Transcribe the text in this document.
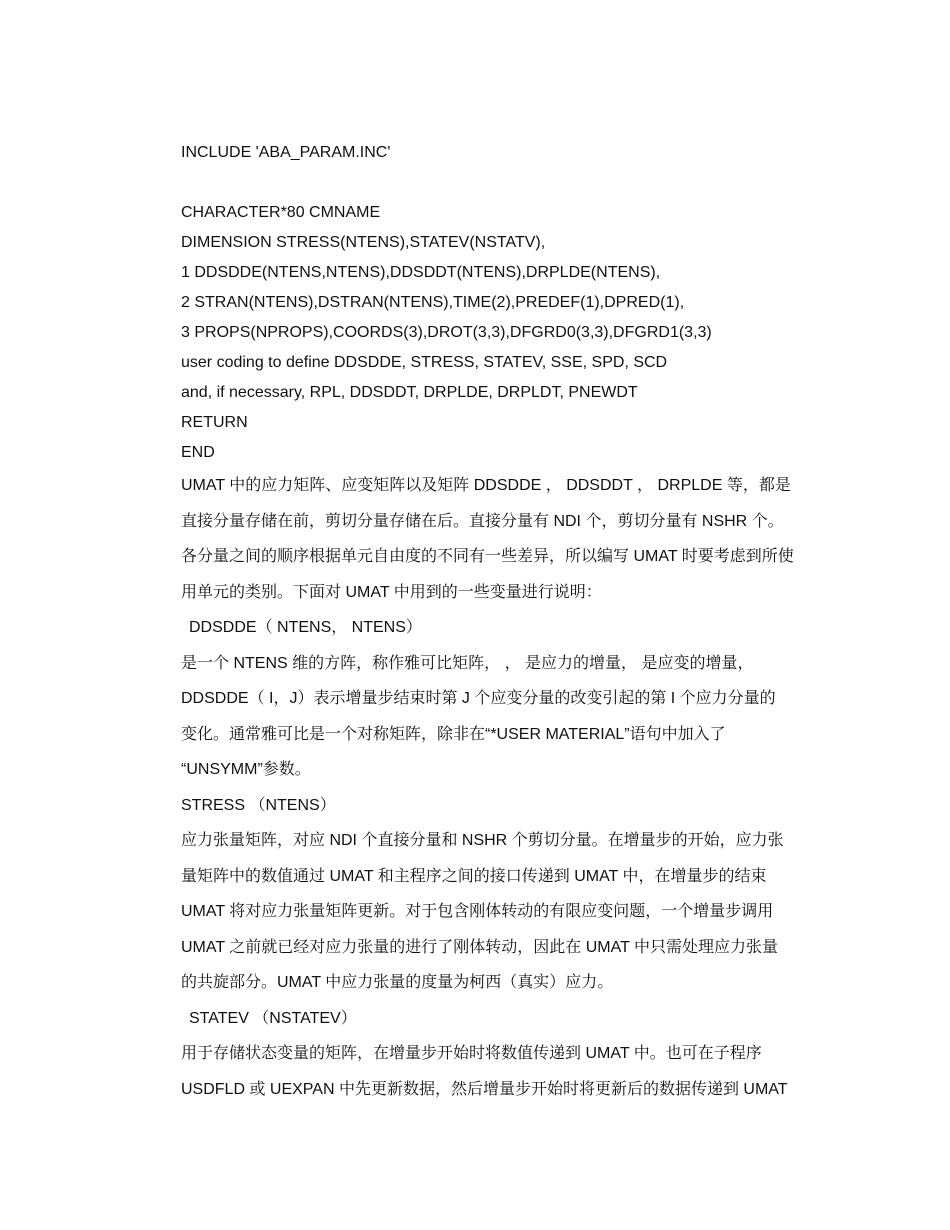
INCLUDE 'ABA_PARAM.INC'
CHARACTER*80 CMNAME
DIMENSION STRESS(NTENS),STATEV(NSTATV),
1 DDSDDE(NTENS,NTENS),DDSDDT(NTENS),DRPLDE(NTENS),
2 STRAN(NTENS),DSTRAN(NTENS),TIME(2),PREDEF(1),DPRED(1),
3 PROPS(NPROPS),COORDS(3),DROT(3,3),DFGRD0(3,3),DFGRD1(3,3)
user coding to define DDSDDE, STRESS, STATEV, SSE, SPD, SCD
and, if necessary, RPL, DDSDDT, DRPLDE, DRPLDT, PNEWDT
RETURN
END
UMAT 中的应力矩阵、应变矩阵以及矩阵 DDSDDE ， DDSDDT ， DRPLDE 等，都是
直接分量存储在前，剪切分量存储在后。直接分量有 NDI 个，剪切分量有 NSHR 个。
各分量之间的顺序根据单元自由度的不同有一些差异，所以编写 UMAT 时要考虑到所使
用单元的类别。下面对 UMAT 中用到的一些变量进行说明：
DDSDDE（ NTENS， NTENS）
是一个 NTENS 维的方阵，称作雅可比矩阵， ， 是应力的增量， 是应变的增量，
DDSDDE（ I，J）表示增量步结束时第 J 个应变分量的改变引起的第 I 个应力分量的
变化。通常雅可比是一个对称矩阵，除非在“*USER MATERIAL”语句中加入了
“UNSYMM”参数。
STRESS （NTENS）
应力张量矩阵，对应 NDI 个直接分量和 NSHR 个剪切分量。在增量步的开始，应力张
量矩阵中的数值通过 UMAT 和主程序之间的接口传递到 UMAT 中，在增量步的结束
UMAT 将对应力张量矩阵更新。对于包含刚体转动的有限应变问题，一个增量步调用
UMAT 之前就已经对应力张量的进行了刚体转动，因此在 UMAT 中只需处理应力张量
的共旋部分。UMAT 中应力张量的度量为柯西（真实）应力。
STATEV （NSTATEV）
用于存储状态变量的矩阵，在增量步开始时将数值传递到 UMAT 中。也可在子程序
USDFLD 或 UEXPAN 中先更新数据，然后增量步开始时将更新后的数据传递到 UMAT
